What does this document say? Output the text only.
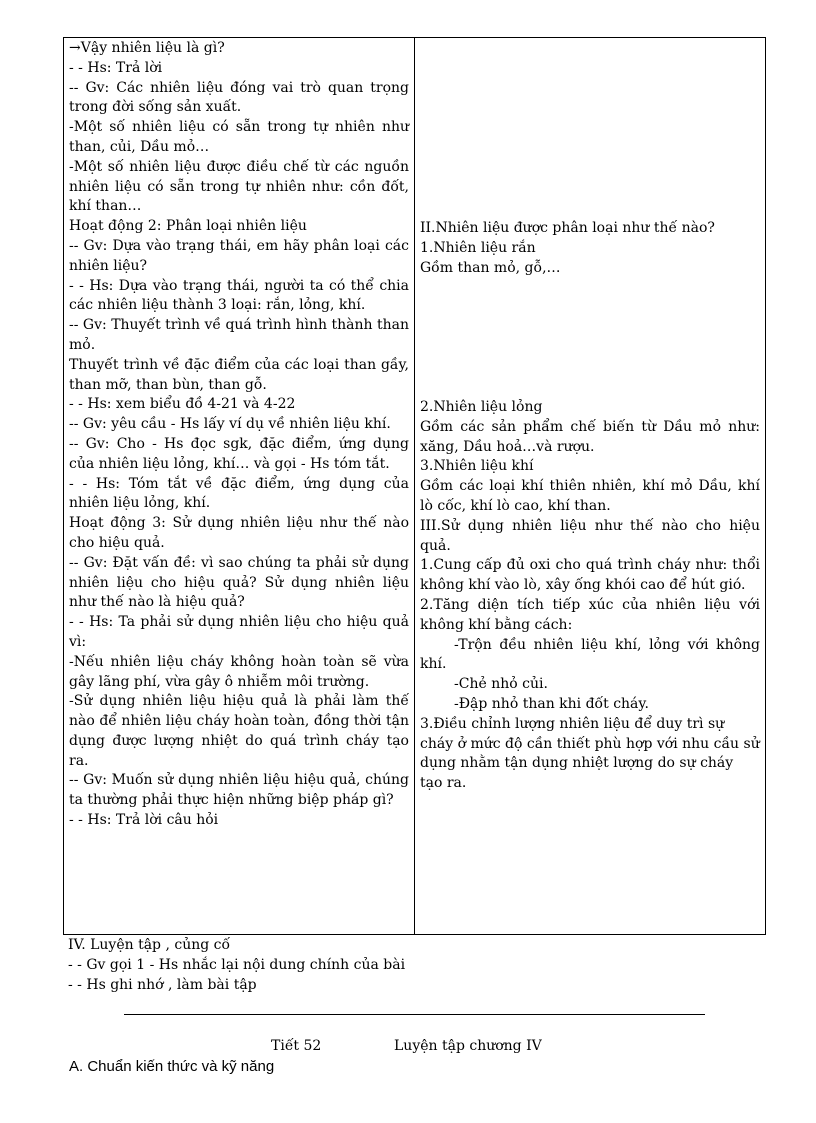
→Vậy nhiên liệu là gì?

- - Hs: Trả lời

-- Gv: Các nhiên liệu đóng vai trò quan trọng trong đời sống sản xuất.

-Một số nhiên liệu có sẵn trong tự nhiên như than, củi, Dầu mỏ…

-Một số nhiên liệu được điều chế từ các nguồn nhiên liệu có sẵn trong tự nhiên như: cồn đốt, khí than…

Hoạt động 2: Phân loại nhiên liệu

-- Gv: Dựa vào trạng thái, em hãy phân loại các nhiên liệu?

- - Hs: Dựa vào trạng thái, người ta có thể chia các nhiên liệu thành 3 loại: rắn, lỏng, khí.

-- Gv: Thuyết trình về quá trình hình thành than mỏ.

Thuyết trình về đặc điểm của các loại than gầy, than mỡ, than bùn, than gỗ.

- - Hs: xem biểu đồ 4-21 và 4-22

-- Gv: yêu cầu - Hs lấy ví dụ về nhiên liệu khí.

-- Gv: Cho - Hs đọc sgk, đặc điểm, ứng dụng của nhiên liệu lỏng, khí… và gọi - Hs tóm tắt.

- - Hs: Tóm tắt về đặc điểm, ứng dụng của nhiên liệu lỏng, khí.

Hoạt động 3: Sử dụng nhiên liệu như thế nào cho hiệu quả.

-- Gv: Đặt vấn đề: vì sao chúng ta phải sử dụng nhiên liệu cho hiệu quả? Sử dụng nhiên liệu như thế nào là hiệu quả?

- - Hs: Ta phải sử dụng nhiên liệu cho hiệu quả vì:

-Nếu nhiên liệu cháy không hoàn toàn sẽ vừa gây lãng phí, vừa gây ô nhiễm môi trường.

-Sử dụng nhiên liệu hiệu quả là phải làm thế nào để nhiên liệu cháy hoàn toàn, đồng thời tận dụng được lượng nhiệt do quá trình cháy tạo ra.

-- Gv: Muốn sử dụng nhiên liệu hiệu quả, chúng ta thường phải thực hiện những biệp pháp gì?

- - Hs: Trả lời câu hỏi

II.Nhiên liệu được phân loại như thế nào?

1.Nhiên liệu rắn

Gồm than mỏ, gỗ,…

2.Nhiên liệu lỏng

Gồm các sản phẩm chế biến từ Dầu mỏ như: xăng, Dầu hoả…và rượu.

3.Nhiên liệu khí

Gồm các loại khí thiên nhiên, khí mỏ Dầu, khí lò cốc, khí lò cao, khí than.

III.Sử dụng nhiên liệu như thế nào cho hiệu quả.

1.Cung cấp đủ oxi cho quá trình cháy như: thổi không khí vào lò, xây ống khói cao để hút gió.

2.Tăng diện tích tiếp xúc của nhiên liệu với không khí bằng cách:

-Trộn đều nhiên liệu khí, lỏng với không khí.

-Chẻ nhỏ củi.

-Đập nhỏ than khi đốt cháy.

3.Điều chỉnh lượng nhiên liệu để duy trì sự cháy ở mức độ cần thiết phù hợp với nhu cầu sử dụng nhằm tận dụng nhiệt lượng do sự cháy tạo ra.

IV. Luyện tập , củng cố

- - Gv gọi 1 - Hs nhắc lại nội dung chính của bài

- - Hs ghi nhớ , làm bài tập

Tiết 52	Luyện tập chương IV
A. Chuẩn kiến thức và kỹ năng
